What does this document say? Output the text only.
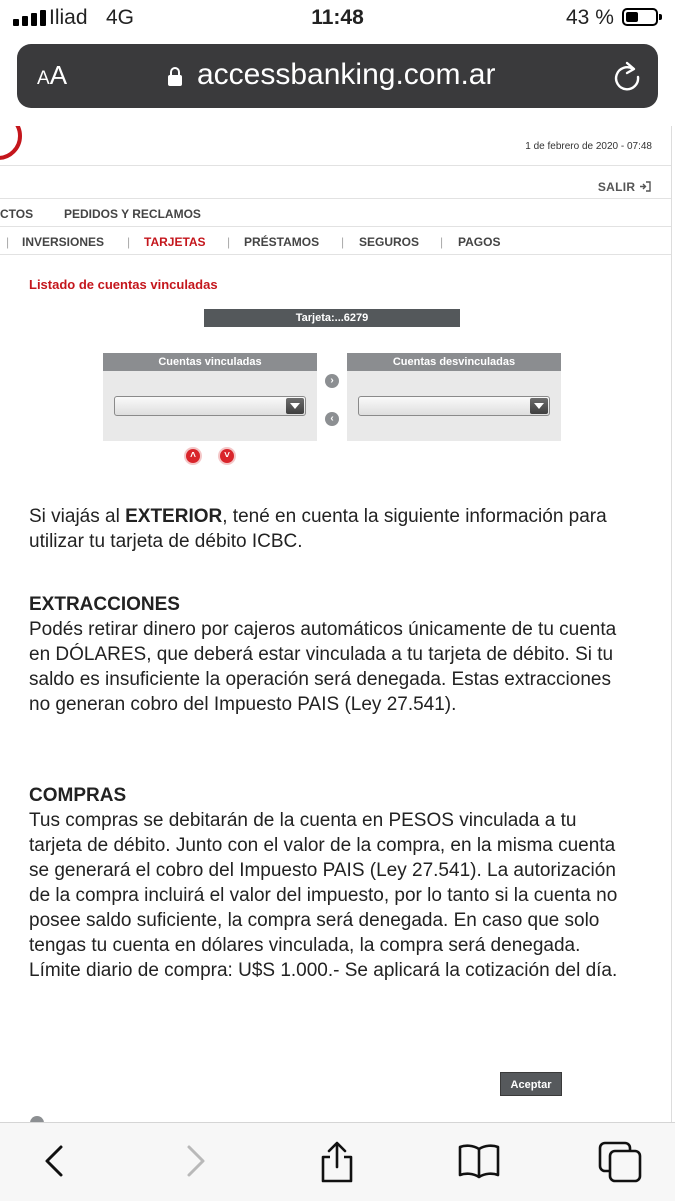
Iliad 4G	11:48	43 %
AA	accessbanking.com.ar
1 de febrero de 2020 - 07:48
SALIR
CTOS	PEDIDOS Y RECLAMOS
| INVERSIONES | TARJETAS | PRÉSTAMOS | SEGUROS | PAGOS
Listado de cuentas vinculadas
Tarjeta:...6279
Cuentas vinculadas
›
‹
Cuentas desvinculadas
˄	˅

Si viajás al EXTERIOR, tené en cuenta la siguiente información para utilizar tu tarjeta de débito ICBC.

EXTRACCIONES

Podés retirar dinero por cajeros automáticos únicamente de tu cuenta en DÓLARES, que deberá estar vinculada a tu tarjeta de débito. Si tu saldo es insuficiente la operación será denegada. Estas extracciones no generan cobro del Impuesto PAIS (Ley 27.541).

COMPRAS

Tus compras se debitarán de la cuenta en PESOS vinculada a tu tarjeta de débito. Junto con el valor de la compra, en la misma cuenta se generará el cobro del Impuesto PAIS (Ley 27.541). La autorización de la compra incluirá el valor del impuesto, por lo tanto si la cuenta no posee saldo suficiente, la compra será denegada. En caso que solo tengas tu cuenta en dólares vinculada, la compra será denegada.

Límite diario de compra: U$S 1.000.- Se aplicará la cotización del día.

Aceptar
